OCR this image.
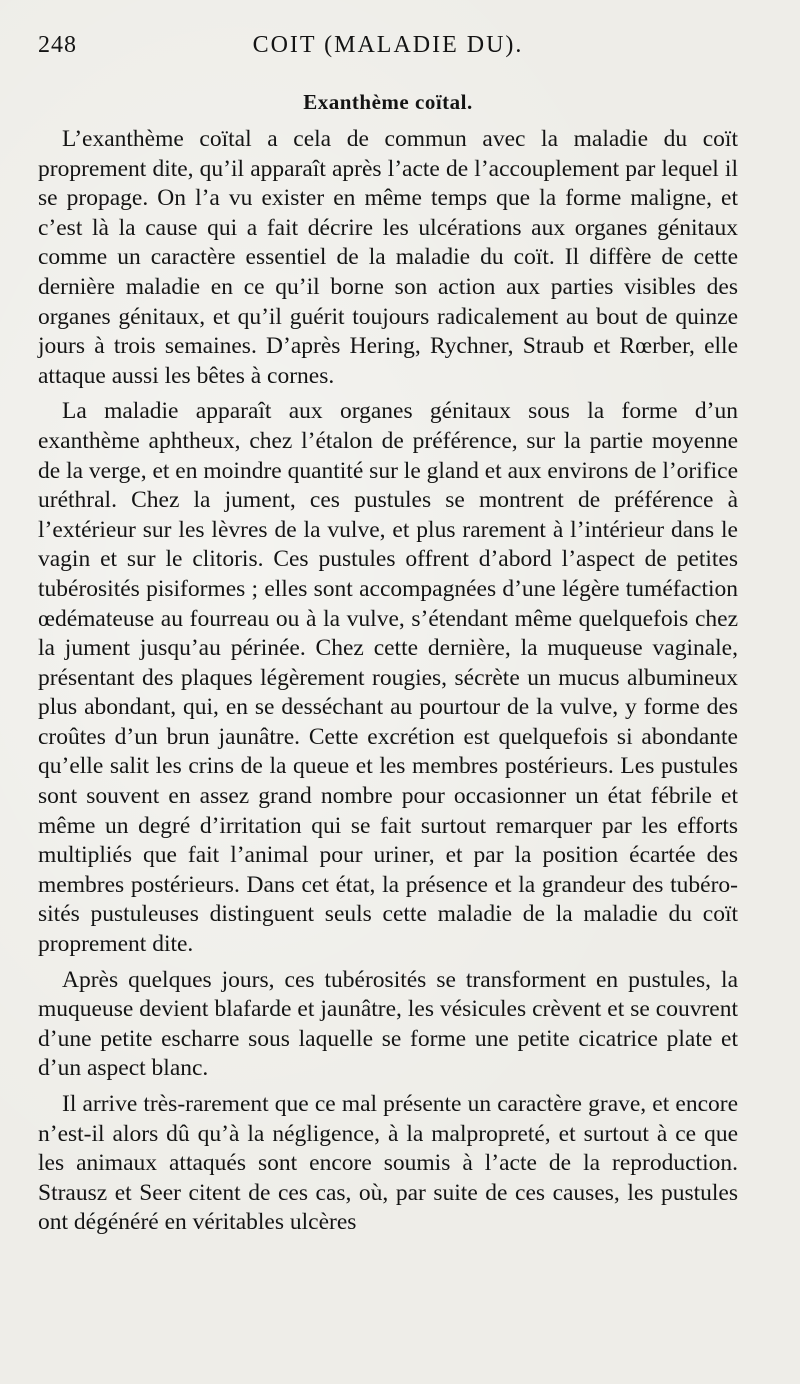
248	COIT (MALADIE DU).
Exanthème coïtal.

L’exanthème coïtal a cela de commun avec la maladie du coït proprement dite, qu’il apparaît après l’acte de l’accouplement par lequel il se propage. On l’a vu exister en même temps que la forme maligne, et c’est là la cause qui a fait décrire les ulcérations aux organes génitaux comme un caractère essentiel de la maladie du coït. Il diffère de cette dernière maladie en ce qu’il borne son action aux parties visibles des organes génitaux, et qu’il guérit toujours radicalement au bout de quinze jours à trois semaines. D’après Hering, Rychner, Straub et Rœrber, elle attaque aussi les bêtes à cornes.

La maladie apparaît aux organes génitaux sous la forme d’un exanthème aphtheux, chez l’étalon de préférence, sur la partie moyenne de la verge, et en moindre quantité sur le gland et aux environs de l’orifice uréthral. Chez la jument, ces pustules se montrent de préférence à l’extérieur sur les lèvres de la vulve, et plus rarement à l’intérieur dans le vagin et sur le clitoris. Ces pustules offrent d’abord l’aspect de petites tubérosités pisiformes ; elles sont accompagnées d’une légère tuméfaction œdémateuse au fourreau ou à la vulve, s’étendant même quelquefois chez la jument jusqu’au périnée. Chez cette dernière, la muqueuse vaginale, présentant des plaques légèrement rougies, sécrète un mucus albumineux plus abondant, qui, en se desséchant au pourtour de la vulve, y forme des croûtes d’un brun jaunâtre. Cette excrétion est quelquefois si abondante qu’elle salit les crins de la queue et les membres postérieurs. Les pustules sont souvent en assez grand nombre pour occasionner un état fébrile et même un degré d’irritation qui se fait surtout remarquer par les efforts multipliés que fait l’animal pour uriner, et par la position écartée des membres postérieurs. Dans cet état, la présence et la grandeur des tubérosités pustuleuses distinguent seuls cette maladie de la maladie du coït proprement dite.

Après quelques jours, ces tubérosités se transforment en pustules, la muqueuse devient blafarde et jaunâtre, les vésicules crèvent et se couvrent d’une petite escharre sous laquelle se forme une petite cicatrice plate et d’un aspect blanc.

Il arrive très-rarement que ce mal présente un caractère grave, et encore n’est-il alors dû qu’à la négligence, à la malpropreté, et surtout à ce que les animaux attaqués sont encore soumis à l’acte de la reproduction. Strausz et Seer citent de ces cas, où, par suite de ces causes, les pustules ont dégénéré en véritables ulcères
